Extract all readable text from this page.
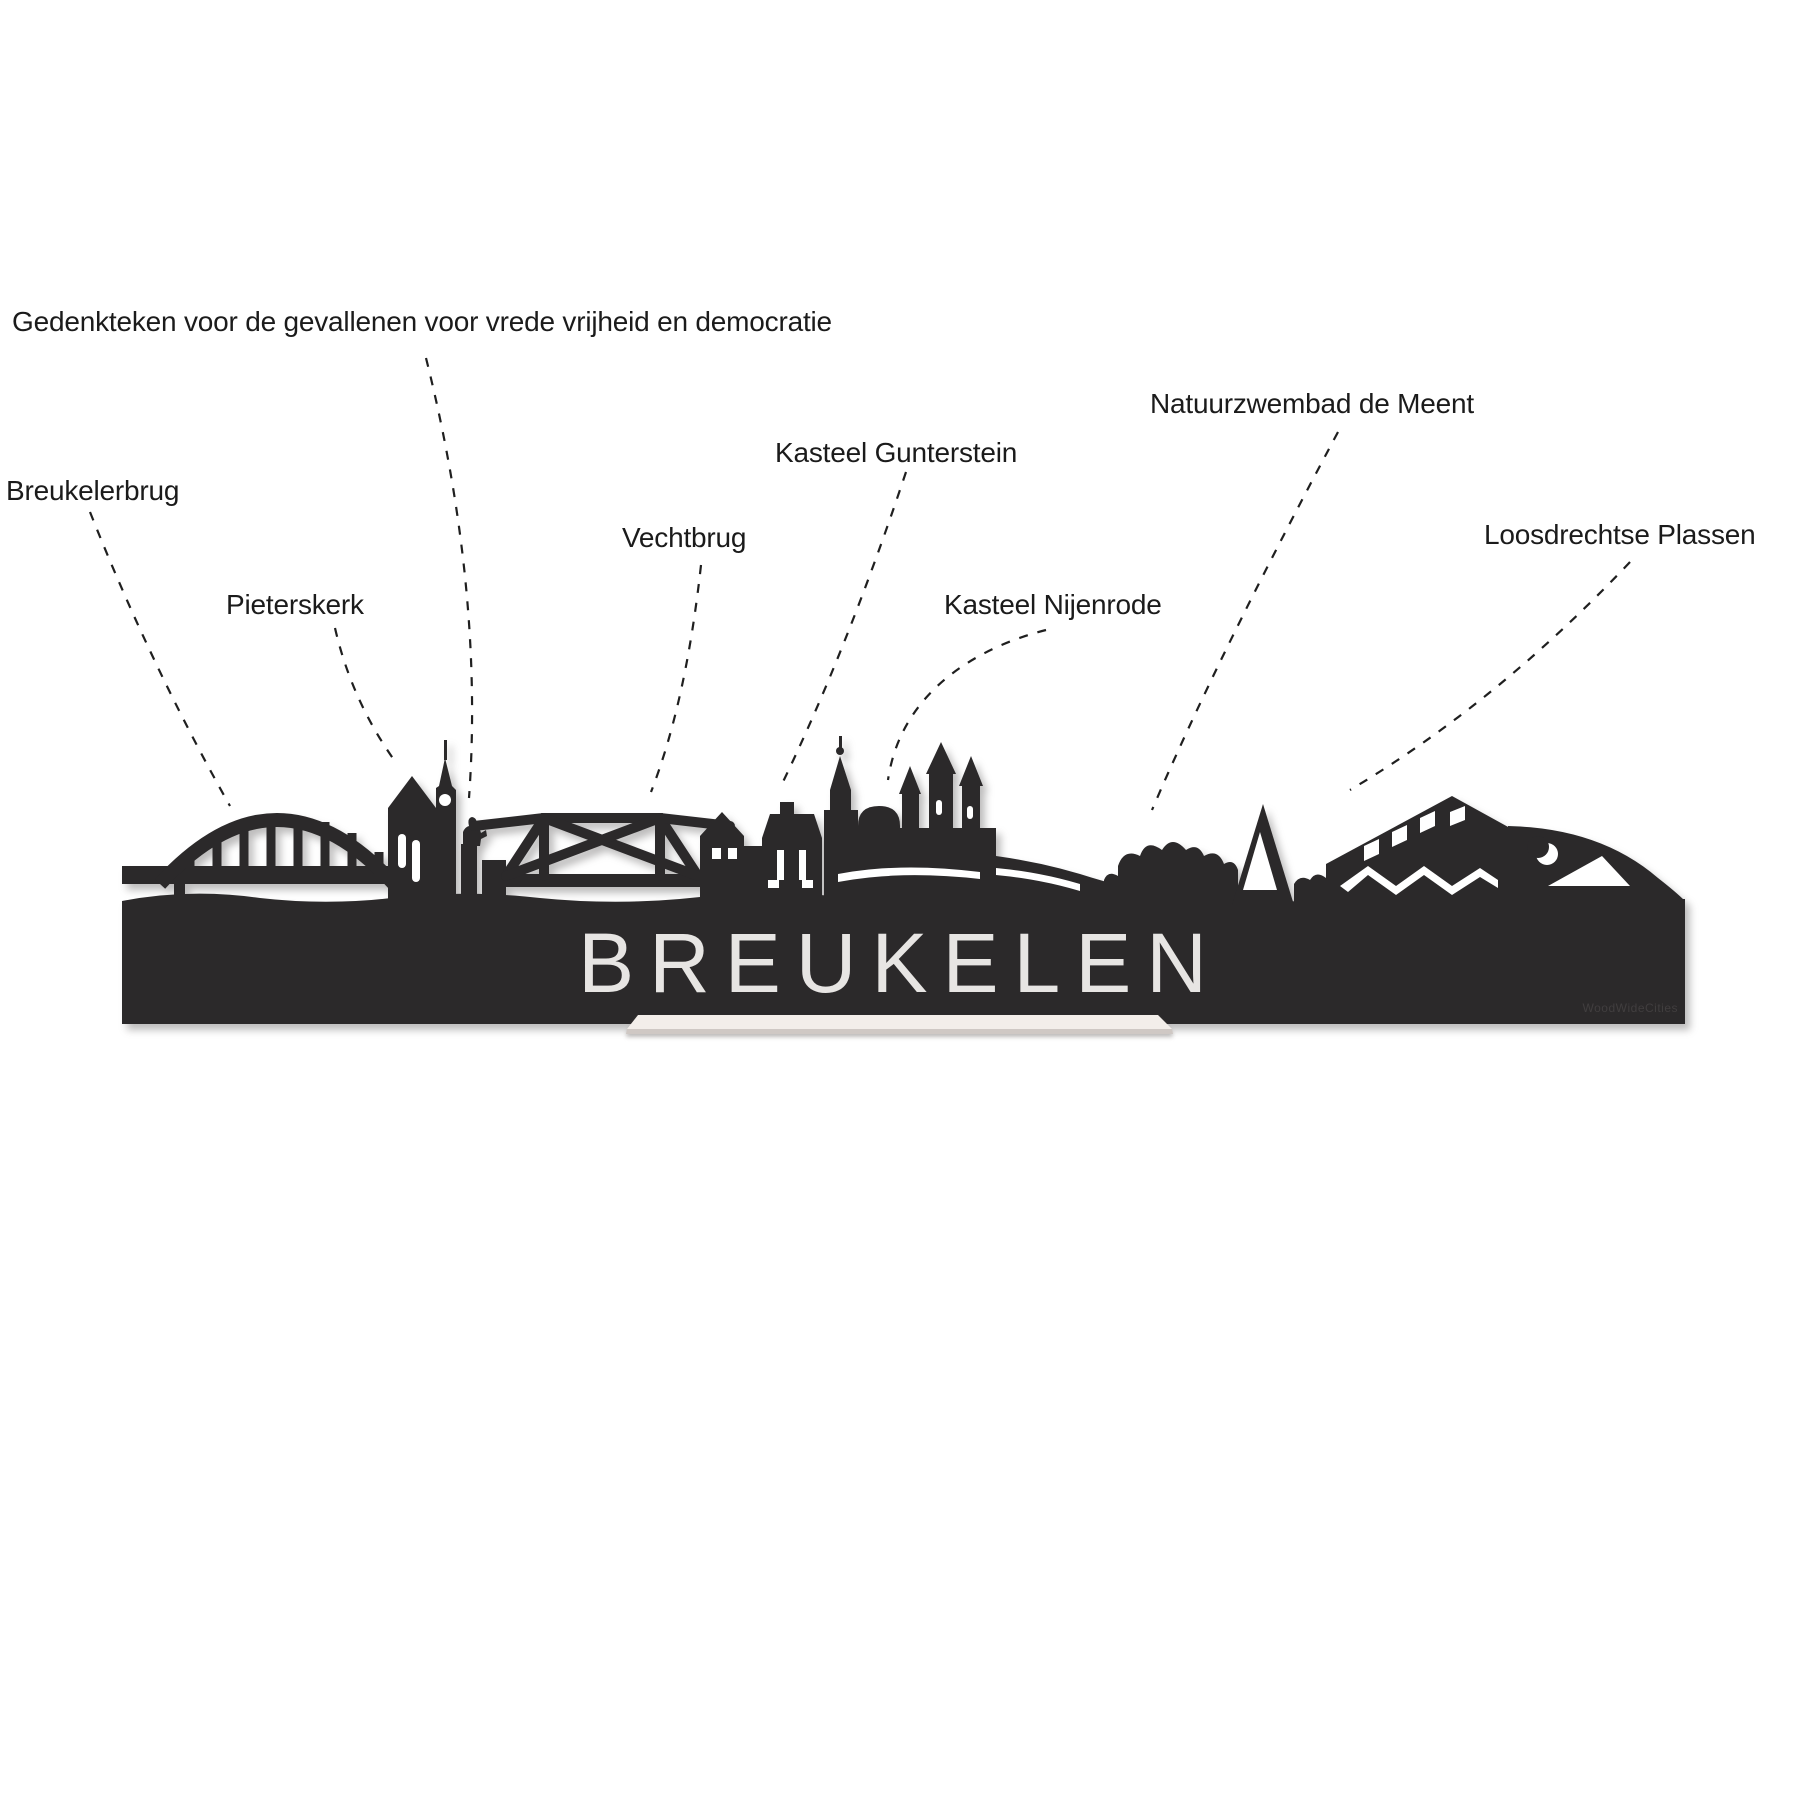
Gedenkteken voor de gevallenen voor vrede vrijheid en democratie
Natuurzwembad de Meent
Kasteel Gunterstein
Breukelerbrug
Vechtbrug	Loosdrechtse Plassen
Pieterskerk	Kasteel Nijenrode
BREUKELEN	WoodWideCities
